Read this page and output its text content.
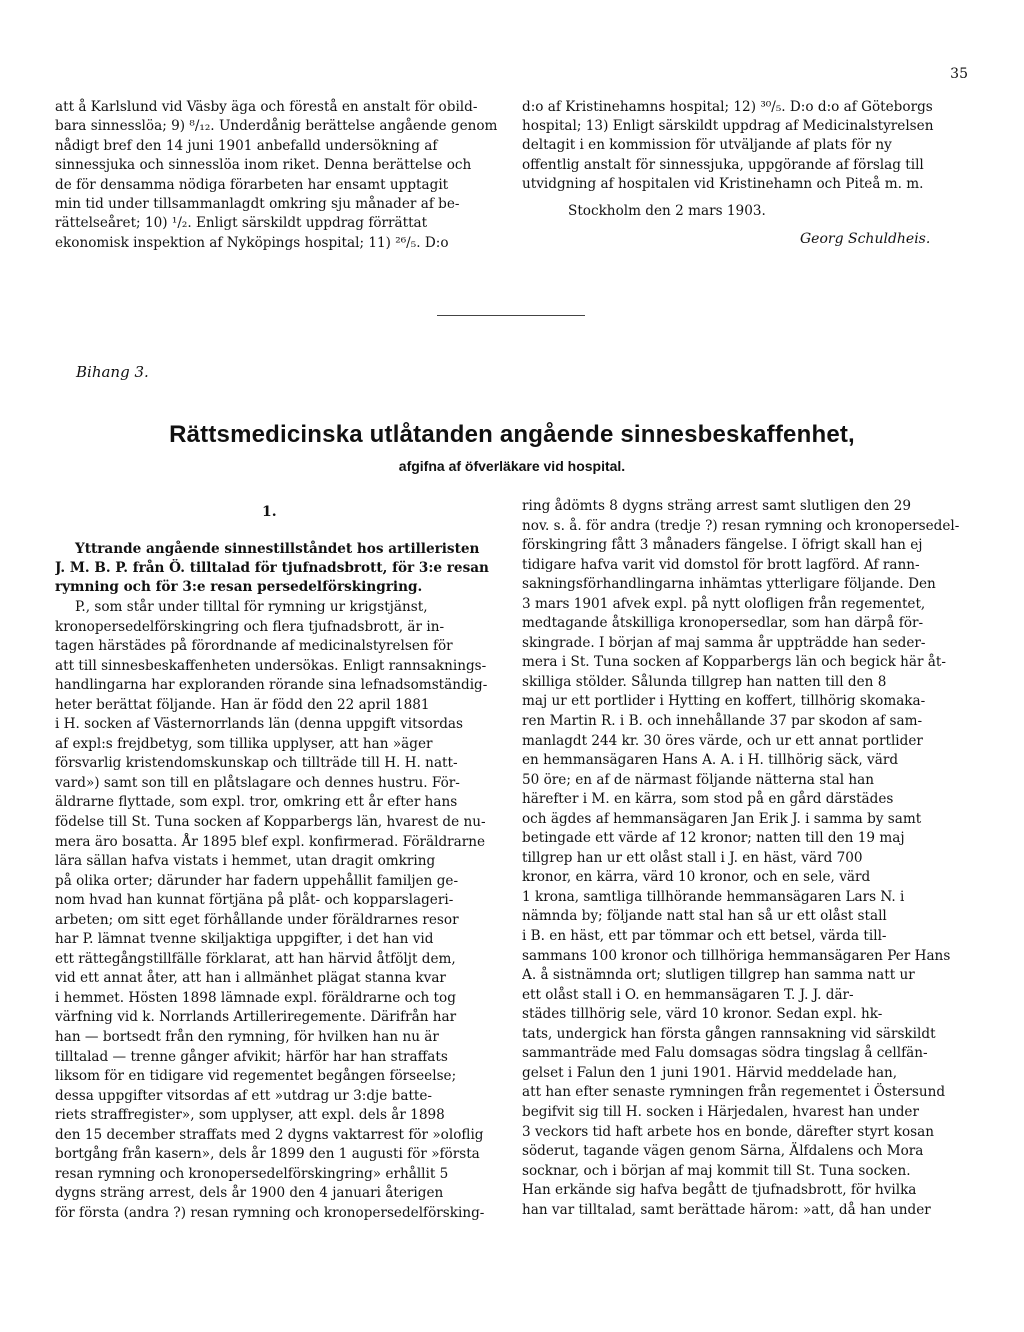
35
att å Karlslund vid Väsby äga och förestå en anstalt för obild-
bara sinnesslöa; 9) ⁸/₁₂. Underdånig berättelse angående genom
nådigt bref den 14 juni 1901 anbefalld undersökning af
sinnessjuka och sinnesslöa inom riket. Denna berättelse och
de för densamma nödiga förarbeten har ensamt upptagit
min tid under tillsammanlagdt omkring sju månader af be-
rättelseåret; 10) ¹/₂. Enligt särskildt uppdrag förrättat
ekonomisk inspektion af Nyköpings hospital; 11) ²⁶/₅. D:o
d:o af Kristinehamns hospital; 12) ³⁰/₅. D:o d:o af Göteborgs
hospital; 13) Enligt särskildt uppdrag af Medicinalstyrelsen
deltagit i en kommission för utväljande af plats för ny
offentlig anstalt för sinnessjuka, uppgörande af förslag till
utvidgning af hospitalen vid Kristinehamn och Piteå m. m.
Stockholm den 2 mars 1903.
Georg Schuldheis.
Bihang 3.
Rättsmedicinska utlåtanden angående sinnesbeskaffenhet,
afgifna af öfverläkare vid hospital.
1.
Yttrande angående sinnestillståndet hos artilleristen
J. M. B. P. från Ö. tilltalad för tjufnadsbrott, för 3:e resan
rymning och för 3:e resan persedelförskingring.
P., som står under tilltal för rymning ur krigstjänst,
kronopersedelförskingring och flera tjufnadsbrott, är in-
tagen härstädes på förordnande af medicinalstyrelsen för
att till sinnesbeskaffenheten undersökas. Enligt rannsaknings-
handlingarna har exploranden rörande sina lefnadsomständig-
heter berättat följande. Han är född den 22 april 1881
i H. socken af Västernorrlands län (denna uppgift vitsordas
af expl:s frejdbetyg, som tillika upplyser, att han »äger
försvarlig kristendomskunskap och tillträde till H. H. natt-
vard») samt son till en plåtslagare och dennes hustru. För-
äldrarne flyttade, som expl. tror, omkring ett år efter hans
födelse till St. Tuna socken af Kopparbergs län, hvarest de nu-
mera äro bosatta. År 1895 blef expl. konfirmerad. Föräldrarne
lära sällan hafva vistats i hemmet, utan dragit omkring
på olika orter; därunder har fadern uppehållit familjen ge-
nom hvad han kunnat förtjäna på plåt- och kopparslageri-
arbeten; om sitt eget förhållande under föräldrarnes resor
har P. lämnat tvenne skiljaktiga uppgifter, i det han vid
ett rättegångstillfälle förklarat, att han härvid åtföljt dem,
vid ett annat åter, att han i allmänhet plägat stanna kvar
i hemmet. Hösten 1898 lämnade expl. föräldrarne och tog
värfning vid k. Norrlands Artilleriregemente. Därifrån har
han — bortsedt från den rymning, för hvilken han nu är
tilltalad — trenne gånger afvikit; härför har han straffats
liksom för en tidigare vid regementet begången förseelse;
dessa uppgifter vitsordas af ett »utdrag ur 3:dje batte-
riets straffregister», som upplyser, att expl. dels år 1898
den 15 december straffats med 2 dygns vaktarrest för »oloflig
bortgång från kasern», dels år 1899 den 1 augusti för »första
resan rymning och kronopersedelförskingring» erhållit 5
dygns sträng arrest, dels år 1900 den 4 januari återigen
för första (andra ?) resan rymning och kronopersedelförsking-
ring ådömts 8 dygns sträng arrest samt slutligen den 29
nov. s. å. för andra (tredje ?) resan rymning och kronopersedel-
förskingring fått 3 månaders fängelse. I öfrigt skall han ej
tidigare hafva varit vid domstol för brott lagförd. Af rann-
sakningsförhandlingarna inhämtas ytterligare följande. Den
3 mars 1901 afvek expl. på nytt olofligen från regementet,
medtagande åtskilliga kronopersedlar, som han därpå för-
skingrade. I början af maj samma år uppträdde han seder-
mera i St. Tuna socken af Kopparbergs län och begick här åt-
skilliga stölder. Sålunda tillgrep han natten till den 8
maj ur ett portlider i Hytting en koffert, tillhörig skomaka-
ren Martin R. i B. och innehållande 37 par skodon af sam-
manlagdt 244 kr. 30 öres värde, och ur ett annat portlider
en hemmansägaren Hans A. A. i H. tillhörig säck, värd
50 öre; en af de närmast följande nätterna stal han
härefter i M. en kärra, som stod på en gård därstädes
och ägdes af hemmansägaren Jan Erik J. i samma by samt
betingade ett värde af 12 kronor; natten till den 19 maj
tillgrep han ur ett olåst stall i J. en häst, värd 700
kronor, en kärra, värd 10 kronor, och en sele, värd
1 krona, samtliga tillhörande hemmansägaren Lars N. i
nämnda by; följande natt stal han så ur ett olåst stall
i B. en häst, ett par tömmar och ett betsel, värda till-
sammans 100 kronor och tillhöriga hemmansägaren Per Hans
A. å sistnämnda ort; slutligen tillgrep han samma natt ur
ett olåst stall i O. en hemmansägaren T. J. J. där-
städes tillhörig sele, värd 10 kronor. Sedan expl. hk-
tats, undergick han första gången rannsakning vid särskildt
sammanträde med Falu domsagas södra tingslag å cellfän-
gelset i Falun den 1 juni 1901. Härvid meddelade han,
att han efter senaste rymningen från regementet i Östersund
begifvit sig till H. socken i Härjedalen, hvarest han under
3 veckors tid haft arbete hos en bonde, därefter styrt kosan
söderut, tagande vägen genom Särna, Älfdalens och Mora
socknar, och i början af maj kommit till St. Tuna socken.
Han erkände sig hafva begått de tjufnadsbrott, för hvilka
han var tilltalad, samt berättade härom: »att, då han under
